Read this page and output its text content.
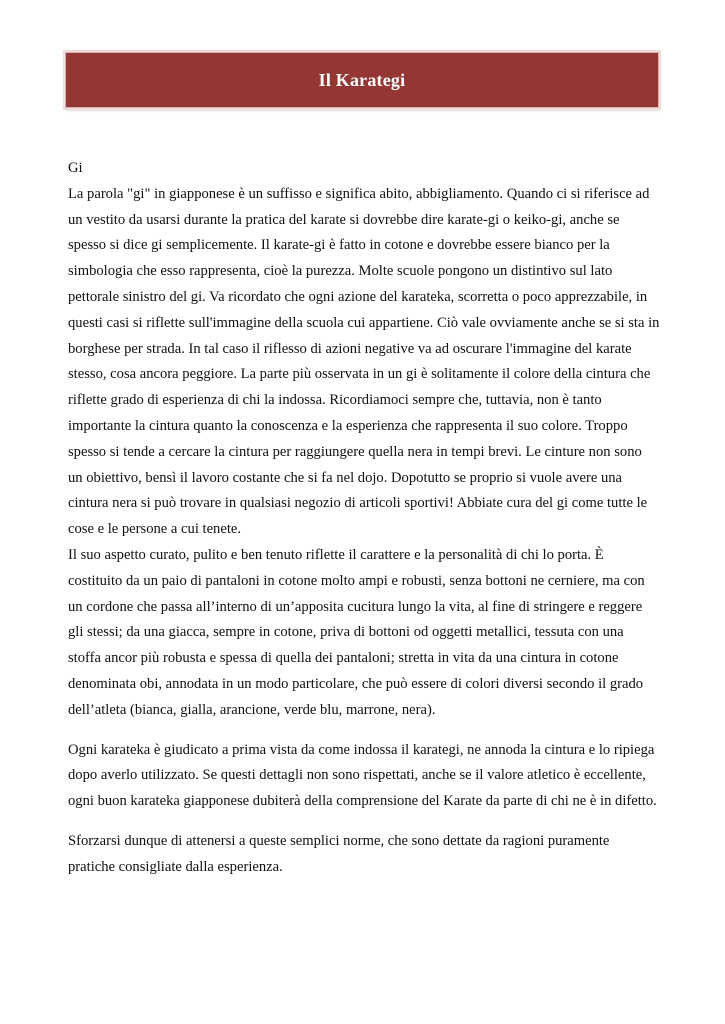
Il Karategi

Gi

La parola "gi" in giapponese è un suffisso e significa abito, abbigliamento. Quando ci si riferisce ad un vestito da usarsi durante la pratica del karate si dovrebbe dire karate-gi o keiko-gi, anche se spesso si dice gi semplicemente. Il karate-gi è fatto in cotone e dovrebbe essere bianco per la simbologia che esso rappresenta, cioè la purezza. Molte scuole pongono un distintivo sul lato pettorale sinistro del gi. Va ricordato che ogni azione del karateka, scorretta o poco apprezzabile, in questi casi si riflette sull'immagine della scuola cui appartiene. Ciò vale ovviamente anche se si sta in borghese per strada. In tal caso il riflesso di azioni negative va ad oscurare l'immagine del karate stesso, cosa ancora peggiore. La parte più osservata in un gi è solitamente il colore della cintura che riflette grado di esperienza di chi la indossa. Ricordiamoci sempre che, tuttavia, non è tanto importante la cintura quanto la conoscenza e la esperienza che rappresenta il suo colore. Troppo spesso si tende a cercare la cintura per raggiungere quella nera in tempi brevi. Le cinture non sono un obiettivo, bensì il lavoro costante che si fa nel dojo. Dopotutto se proprio si vuole avere una cintura nera si può trovare in qualsiasi negozio di articoli sportivi! Abbiate cura del gi come tutte le cose e le persone a cui tenete.

Il suo aspetto curato, pulito e ben tenuto riflette il carattere e la personalità di chi lo porta. È costituito da un paio di pantaloni in cotone molto ampi e robusti, senza bottoni ne cerniere, ma con un cordone che passa all’interno di un’apposita cucitura lungo la vita, al fine di stringere e reggere gli stessi; da una giacca, sempre in cotone, priva di bottoni od oggetti metallici, tessuta con una stoffa ancor più robusta e spessa di quella dei pantaloni; stretta in vita da una cintura in cotone denominata obi, annodata in un modo particolare, che può essere di colori diversi secondo il grado dell’atleta (bianca, gialla, arancione, verde blu, marrone, nera).

Ogni karateka è giudicato a prima vista da come indossa il karategi, ne annoda la cintura e lo ripiega dopo averlo utilizzato. Se questi dettagli non sono rispettati, anche se il valore atletico è eccellente, ogni buon karateka giapponese dubiterà della comprensione del Karate da parte di chi ne è in difetto.

Sforzarsi dunque di attenersi a queste semplici norme, che sono dettate da ragioni puramente pratiche consigliate dalla esperienza.
